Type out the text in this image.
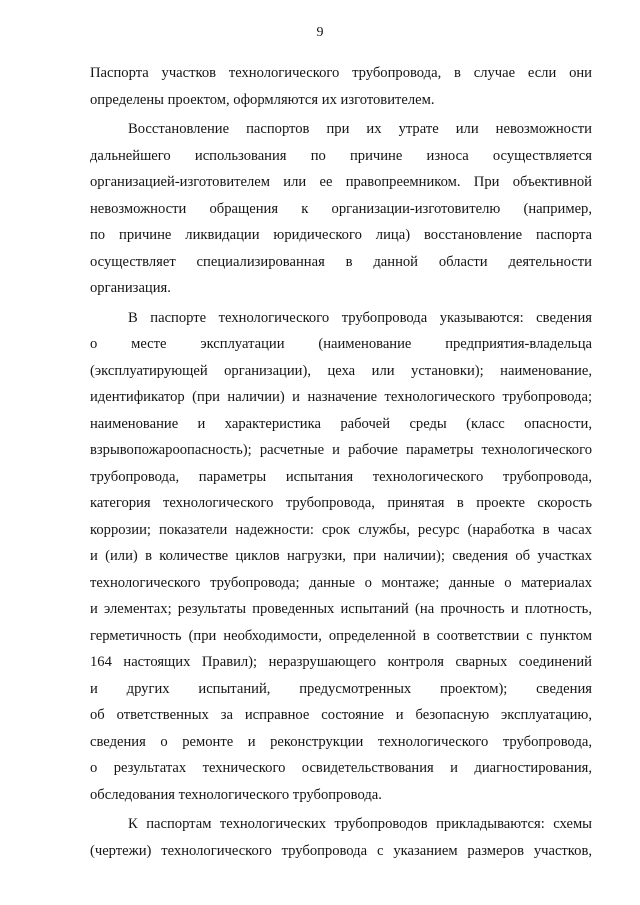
9
Паспорта участков технологического трубопровода, в случае если они
определены проектом, оформляются их изготовителем.
Восстановление паспортов при их утрате или невозможности
дальнейшего использования по причине износа осуществляется
организацией-изготовителем или ее правопреемником. При объективной
невозможности обращения к организации-изготовителю (например,
по причине ликвидации юридического лица) восстановление паспорта
осуществляет специализированная в данной области деятельности
организация.
В паспорте технологического трубопровода указываются: сведения
о месте эксплуатации (наименование предприятия-владельца
(эксплуатирующей организации), цеха или установки); наименование,
идентификатор (при наличии) и назначение технологического трубопровода;
наименование и характеристика рабочей среды (класс опасности,
взрывопожароопасность); расчетные и рабочие параметры технологического
трубопровода, параметры испытания технологического трубопровода,
категория технологического трубопровода, принятая в проекте скорость
коррозии; показатели надежности: срок службы, ресурс (наработка в часах
и (или) в количестве циклов нагрузки, при наличии); сведения об участках
технологического трубопровода; данные о монтаже; данные о материалах
и элементах; результаты проведенных испытаний (на прочность и плотность,
герметичность (при необходимости, определенной в соответствии с пунктом
164 настоящих Правил); неразрушающего контроля сварных соединений
и других испытаний, предусмотренных проектом); сведения
об ответственных за исправное состояние и безопасную эксплуатацию,
сведения о ремонте и реконструкции технологического трубопровода,
о результатах технического освидетельствования и диагностирования,
обследования технологического трубопровода.
К паспортам технологических трубопроводов прикладываются: схемы
(чертежи) технологического трубопровода с указанием размеров участков,
